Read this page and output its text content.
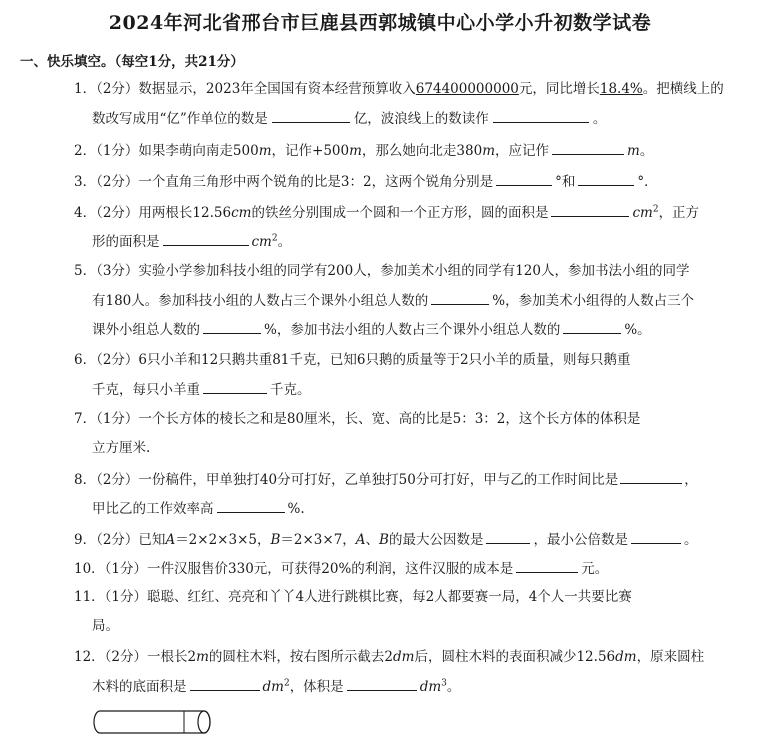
2024年河北省邢台市巨鹿县西郭城镇中心小学小升初数学试卷
一、快乐填空。（每空1分，共21分）
1．（2分）数据显示，2023年全国国有资本经营预算收入674400000000元，同比增长18.4%。把横线上的
数改写成用“亿”作单位的数是	亿，波浪线上的数读作	。
2．（1分）如果李萌向南走500m，记作+500m，那么她向北走380m，应记作	m。
3．（2分）一个直角三角形中两个锐角的比是3：2，这两个锐角分别是	°和	°．
4．（2分）用两根长12.56cm的铁丝分别围成一个圆和一个正方形，圆的面积是	$cm^2$，正方
形的面积是	$cm^2$。
5．（3分）实验小学参加科技小组的同学有200人，参加美术小组的同学有120人，参加书法小组的同学
有180人。参加科技小组的人数占三个课外小组总人数的	%，参加美术小组得的人数占三个
课外小组总人数的	%，参加书法小组的人数占三个课外小组总人数的	%。
6．（2分）6只小羊和12只鹅共重81千克，已知6只鹅的质量等于2只小羊的质量，则每只鹅重
千克，每只小羊重	千克。
7．（1分）一个长方体的棱长之和是80厘米，长、宽、高的比是5：3：2，这个长方体的体积是
立方厘米.
8．（2分）一份稿件，甲单独打40分可打好，乙单独打50分可打好，甲与乙的工作时间比是	，
甲比乙的工作效率高	%.
9．（2分）已知A＝2×2×3×5，B＝2×3×7，A、B的最大公因数是	，最小公倍数是	。
10．（1分）一件汉服售价330元，可获得20%的利润，这件汉服的成本是	元。
11．（1分）聪聪、红红、亮亮和丫丫4人进行跳棋比赛，每2人都要赛一局，4个人一共要比赛
局。
12．（2分）一根长2m的圆柱木料，按右图所示截去2dm后，圆柱木料的表面积减少12.56dm，原来圆柱
木料的底面积是	$dm^2$，体积是	$dm^3$。
